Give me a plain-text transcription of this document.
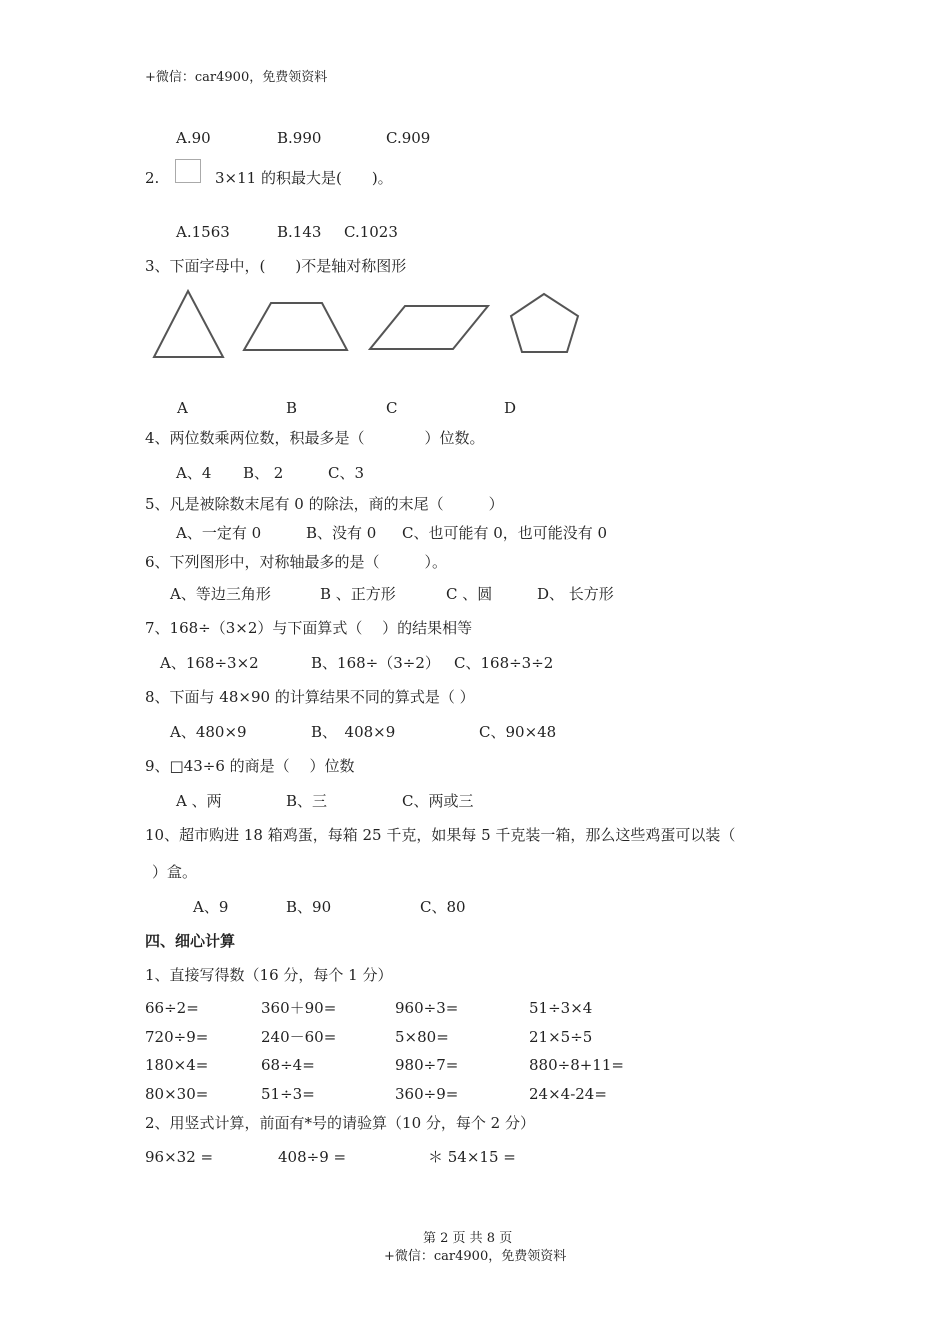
+微信：car4900，免费领资料
A.90	B.990	C.909
2.	3×11 的积最大是(　　)。
A.1563	B.143 C.1023
3、下面字母中，(　　)不是轴对称图形
A	B	C	D
4、两位数乘两位数，积最多是（　　　　）位数。
A、4 B、 2	C、3
5、凡是被除数末尾有 0 的除法，商的末尾（　　　）
A、一定有 0	B、没有 0 C、也可能有 0，也可能没有 0
6、下列图形中，对称轴最多的是（　　　）。
A、等边三角形	B 、正方形	C 、圆	D、 长方形
7、168÷（3×2）与下面算式（　 ）的结果相等
A、168÷3×2	B、168÷（3÷2） C、168÷3÷2
8、下面与 48×90 的计算结果不同的算式是（ ）
A、480×9	B、　408×9	C、90×48
9、□43÷6 的商是（　 ）位数
A 、两	B、三	C、两或三
10、超市购进 18 箱鸡蛋，每箱 25 千克，如果每 5 千克装一箱，那么这些鸡蛋可以装（
）盒。
A、9	B、90	C、80
四、细心计算
1、直接写得数（16 分，每个 1 分）
66÷2=	360＋90=	960÷3=	51÷3×4
720÷9=	240－60=	5×80=	21×5÷5
180×4=	68÷4=	980÷7=	880÷8+11=
80×30=	51÷3=	360÷9=	24×4-24=
2、用竖式计算，前面有*号的请验算（10 分，每个 2 分）
96×32 =	408÷9 =	＊ 54×15 =
第 2 页 共 8 页
+微信：car4900，免费领资料
